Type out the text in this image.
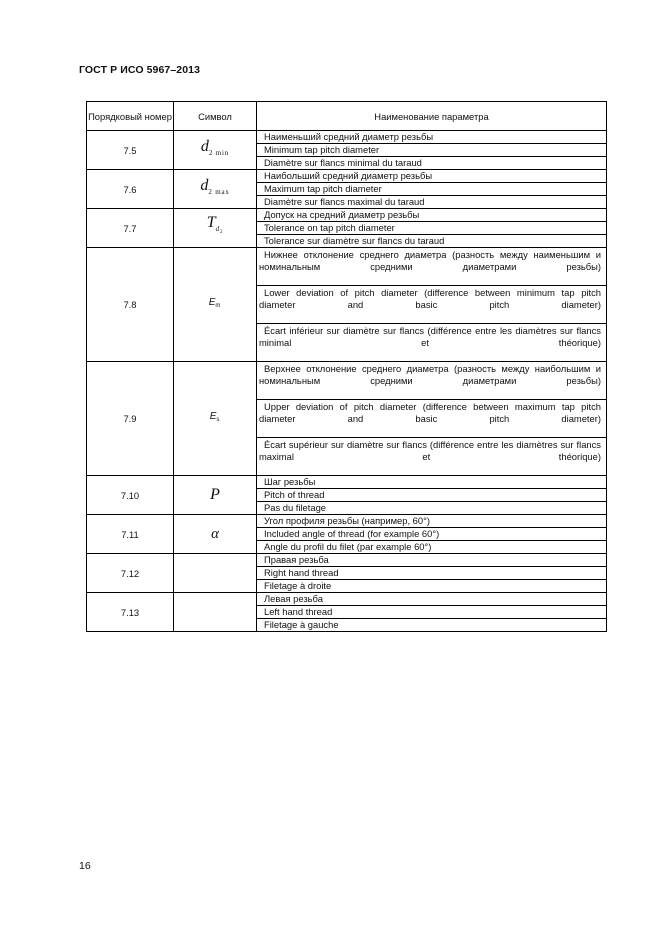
ГОСТ Р ИСО 5967–2013
Порядковый номер	Символ	Наименование параметра
7.5	$d_{2 min}$	Наименьший средний диаметр резьбы
Minimum tap pitch diameter
Diamètre sur flancs minimal du taraud

7.6	$d_{2 max}$	Наибольший средний диаметр резьбы
Maximum tap pitch diameter
Diamètre sur flancs maximal du taraud

7.7	$T_{d_2}$	Допуск на средний диаметр резьбы
Tolerance on tap pitch diameter
Tolerance sur diamètre sur flancs du taraud

7.8	$E_m$	Нижнее отклонение среднего диаметра (разность между наименьшим и номинальным средними диаметрами резьбы)
Lower deviation of pitch diameter (difference between minimum tap pitch diameter and basic pitch diameter)
Écart inférieur sur diamètre sur flancs (différence entre les diamètres sur flancs minimal et théorique)

7.9	$E_s$	Верхнее отклонение среднего диаметра (разность между наибольшим и номинальным средними диаметрами резьбы)
Upper deviation of pitch diameter (difference between maximum tap pitch diameter and basic pitch diameter)
Écart supérieur sur diamètre sur flancs (différence entre les diamètres sur flancs maximal et théorique)

7.10	P	Шаг резьбы
Pitch of thread
Pas du filetage

7.11	α	Угол профиля резьбы (например, 60°)
Included angle of thread (for example 60°)
Angle du profil du filet (par example 60°)

7.12		Правая резьба
Right hand thread
Filetage à droite

7.13		Левая резьба
Left hand thread
Filetage à gauche
16
